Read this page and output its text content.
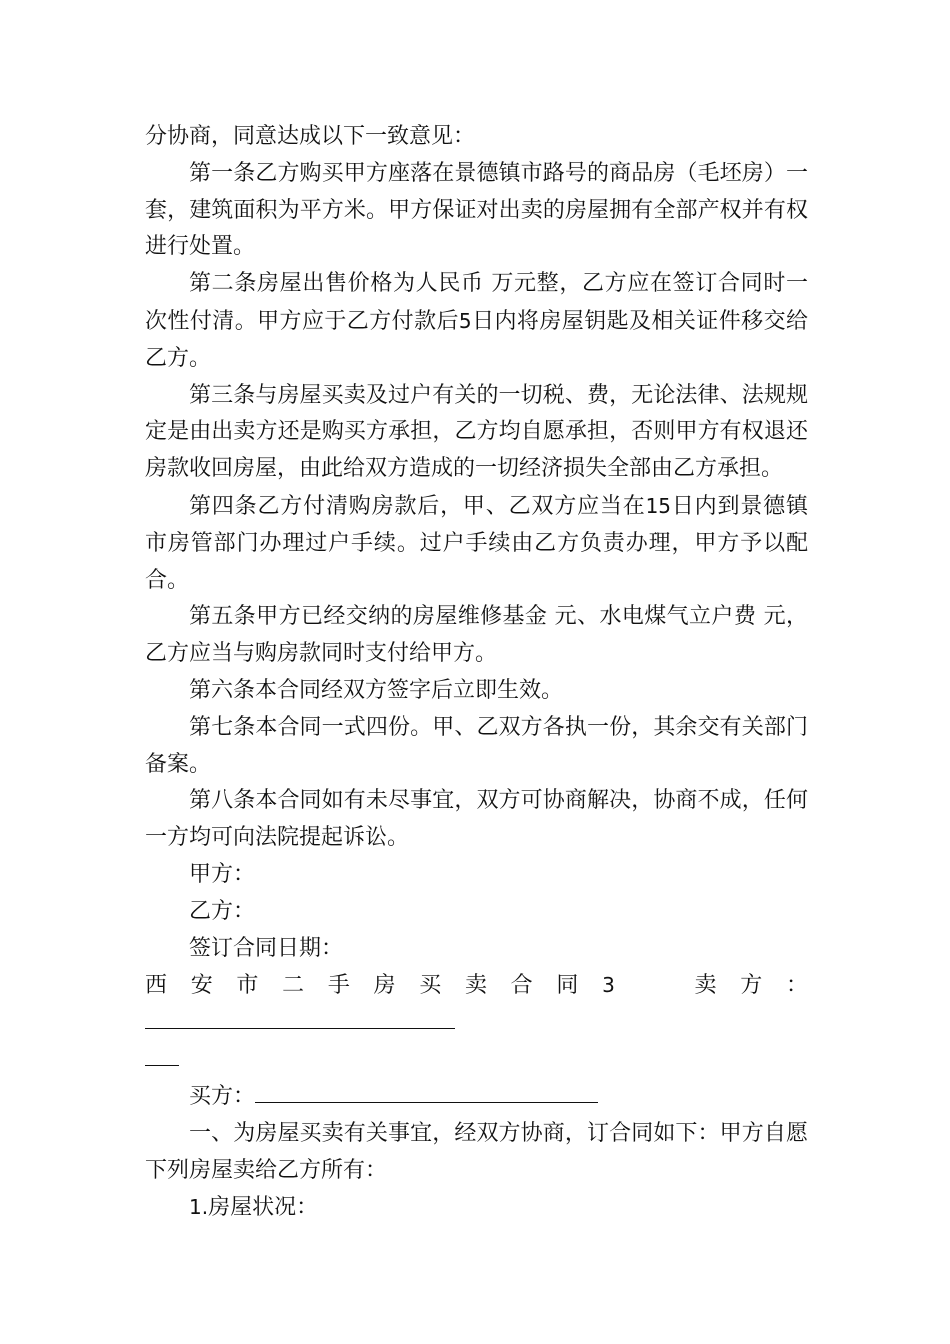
分协商，同意达成以下一致意见：

第一条乙方购买甲方座落在景德镇市路号的商品房（毛坯房）一套，建筑面积为平方米。甲方保证对出卖的房屋拥有全部产权并有权进行处置。

第二条房屋出售价格为人民币 万元整，乙方应在签订合同时一次性付清。甲方应于乙方付款后5日内将房屋钥匙及相关证件移交给乙方。

第三条与房屋买卖及过户有关的一切税、费，无论法律、法规规定是由出卖方还是购买方承担，乙方均自愿承担，否则甲方有权退还房款收回房屋，由此给双方造成的一切经济损失全部由乙方承担。

第四条乙方付清购房款后，甲、乙双方应当在15日内到景德镇市房管部门办理过户手续。过户手续由乙方负责办理，甲方予以配合。

第五条甲方已经交纳的房屋维修基金 元、水电煤气立户费 元，乙方应当与购房款同时支付给甲方。

第六条本合同经双方签字后立即生效。

第七条本合同一式四份。甲、乙双方各执一份，其余交有关部门备案。

第八条本合同如有未尽事宜，双方可协商解决，协商不成，任何一方均可向法院提起诉讼。

甲方：

乙方：

签订合同日期：

西安市二手房买卖合同3	卖方：

买方：

一、为房屋买卖有关事宜，经双方协商，订合同如下：甲方自愿下列房屋卖给乙方所有：

1.房屋状况：
